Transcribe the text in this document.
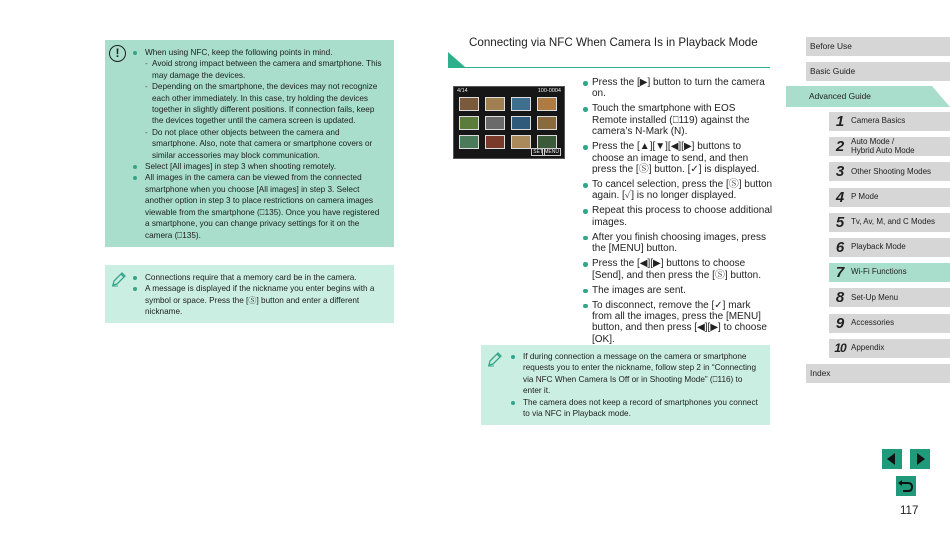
When using NFC, keep the following points in mind.
- Avoid strong impact between the camera and smartphone. This may damage the devices.
- Depending on the smartphone, the devices may not recognize each other immediately. In this case, try holding the devices together in slightly different positions. If connection fails, keep the devices together until the camera screen is updated.
- Do not place other objects between the camera and smartphone. Also, note that camera or smartphone covers or similar accessories may block communication.
Select [All images] in step 3 when shooting remotely.
All images in the camera can be viewed from the connected smartphone when you choose [All images] in step 3. Select another option in step 3 to place restrictions on camera images viewable from the smartphone (⎕135). Once you have registered a smartphone, you can change privacy settings for it on the camera (⎕135).
!
Connections require that a memory card be in the camera.
A message is displayed if the nickname you enter begins with a symbol or space. Press the [Ⓢ] button and enter a different nickname.
Connecting via NFC When Camera Is in Playback Mode
4/14	100-0004
SET MENU
Press the [▶] button to turn the camera on.
Touch the smartphone with EOS Remote installed (⎕119) against the camera’s N-Mark (N).
Press the [▲][▼][◀][▶] buttons to choose an image to send, and then press the [Ⓢ] button. [✓] is displayed.
To cancel selection, press the [Ⓢ] button again. [✓] is no longer displayed.
Repeat this process to choose additional images.
After you finish choosing images, press the [MENU] button.
Press the [◀][▶] buttons to choose [Send], and then press the [Ⓢ] button.
The images are sent.
To disconnect, remove the [✓] mark from all the images, press the [MENU] button, and then press [◀][▶] to choose [OK].
If during connection a message on the camera or smartphone requests you to enter the nickname, follow step 2 in “Connecting via NFC When Camera Is Off or in Shooting Mode” (⎕116) to enter it.
The camera does not keep a record of smartphones you connect to via NFC in Playback mode.
Before Use
Basic Guide
Advanced Guide
1 Camera Basics
2 Auto Mode /
Hybrid Auto Mode
3 Other Shooting Modes
4 P Mode
5 Tv, Av, M, and C Modes
6 Playback Mode
7 Wi-Fi Functions
8 Set-Up Menu
9 Accessories
10 Appendix
Index
117
